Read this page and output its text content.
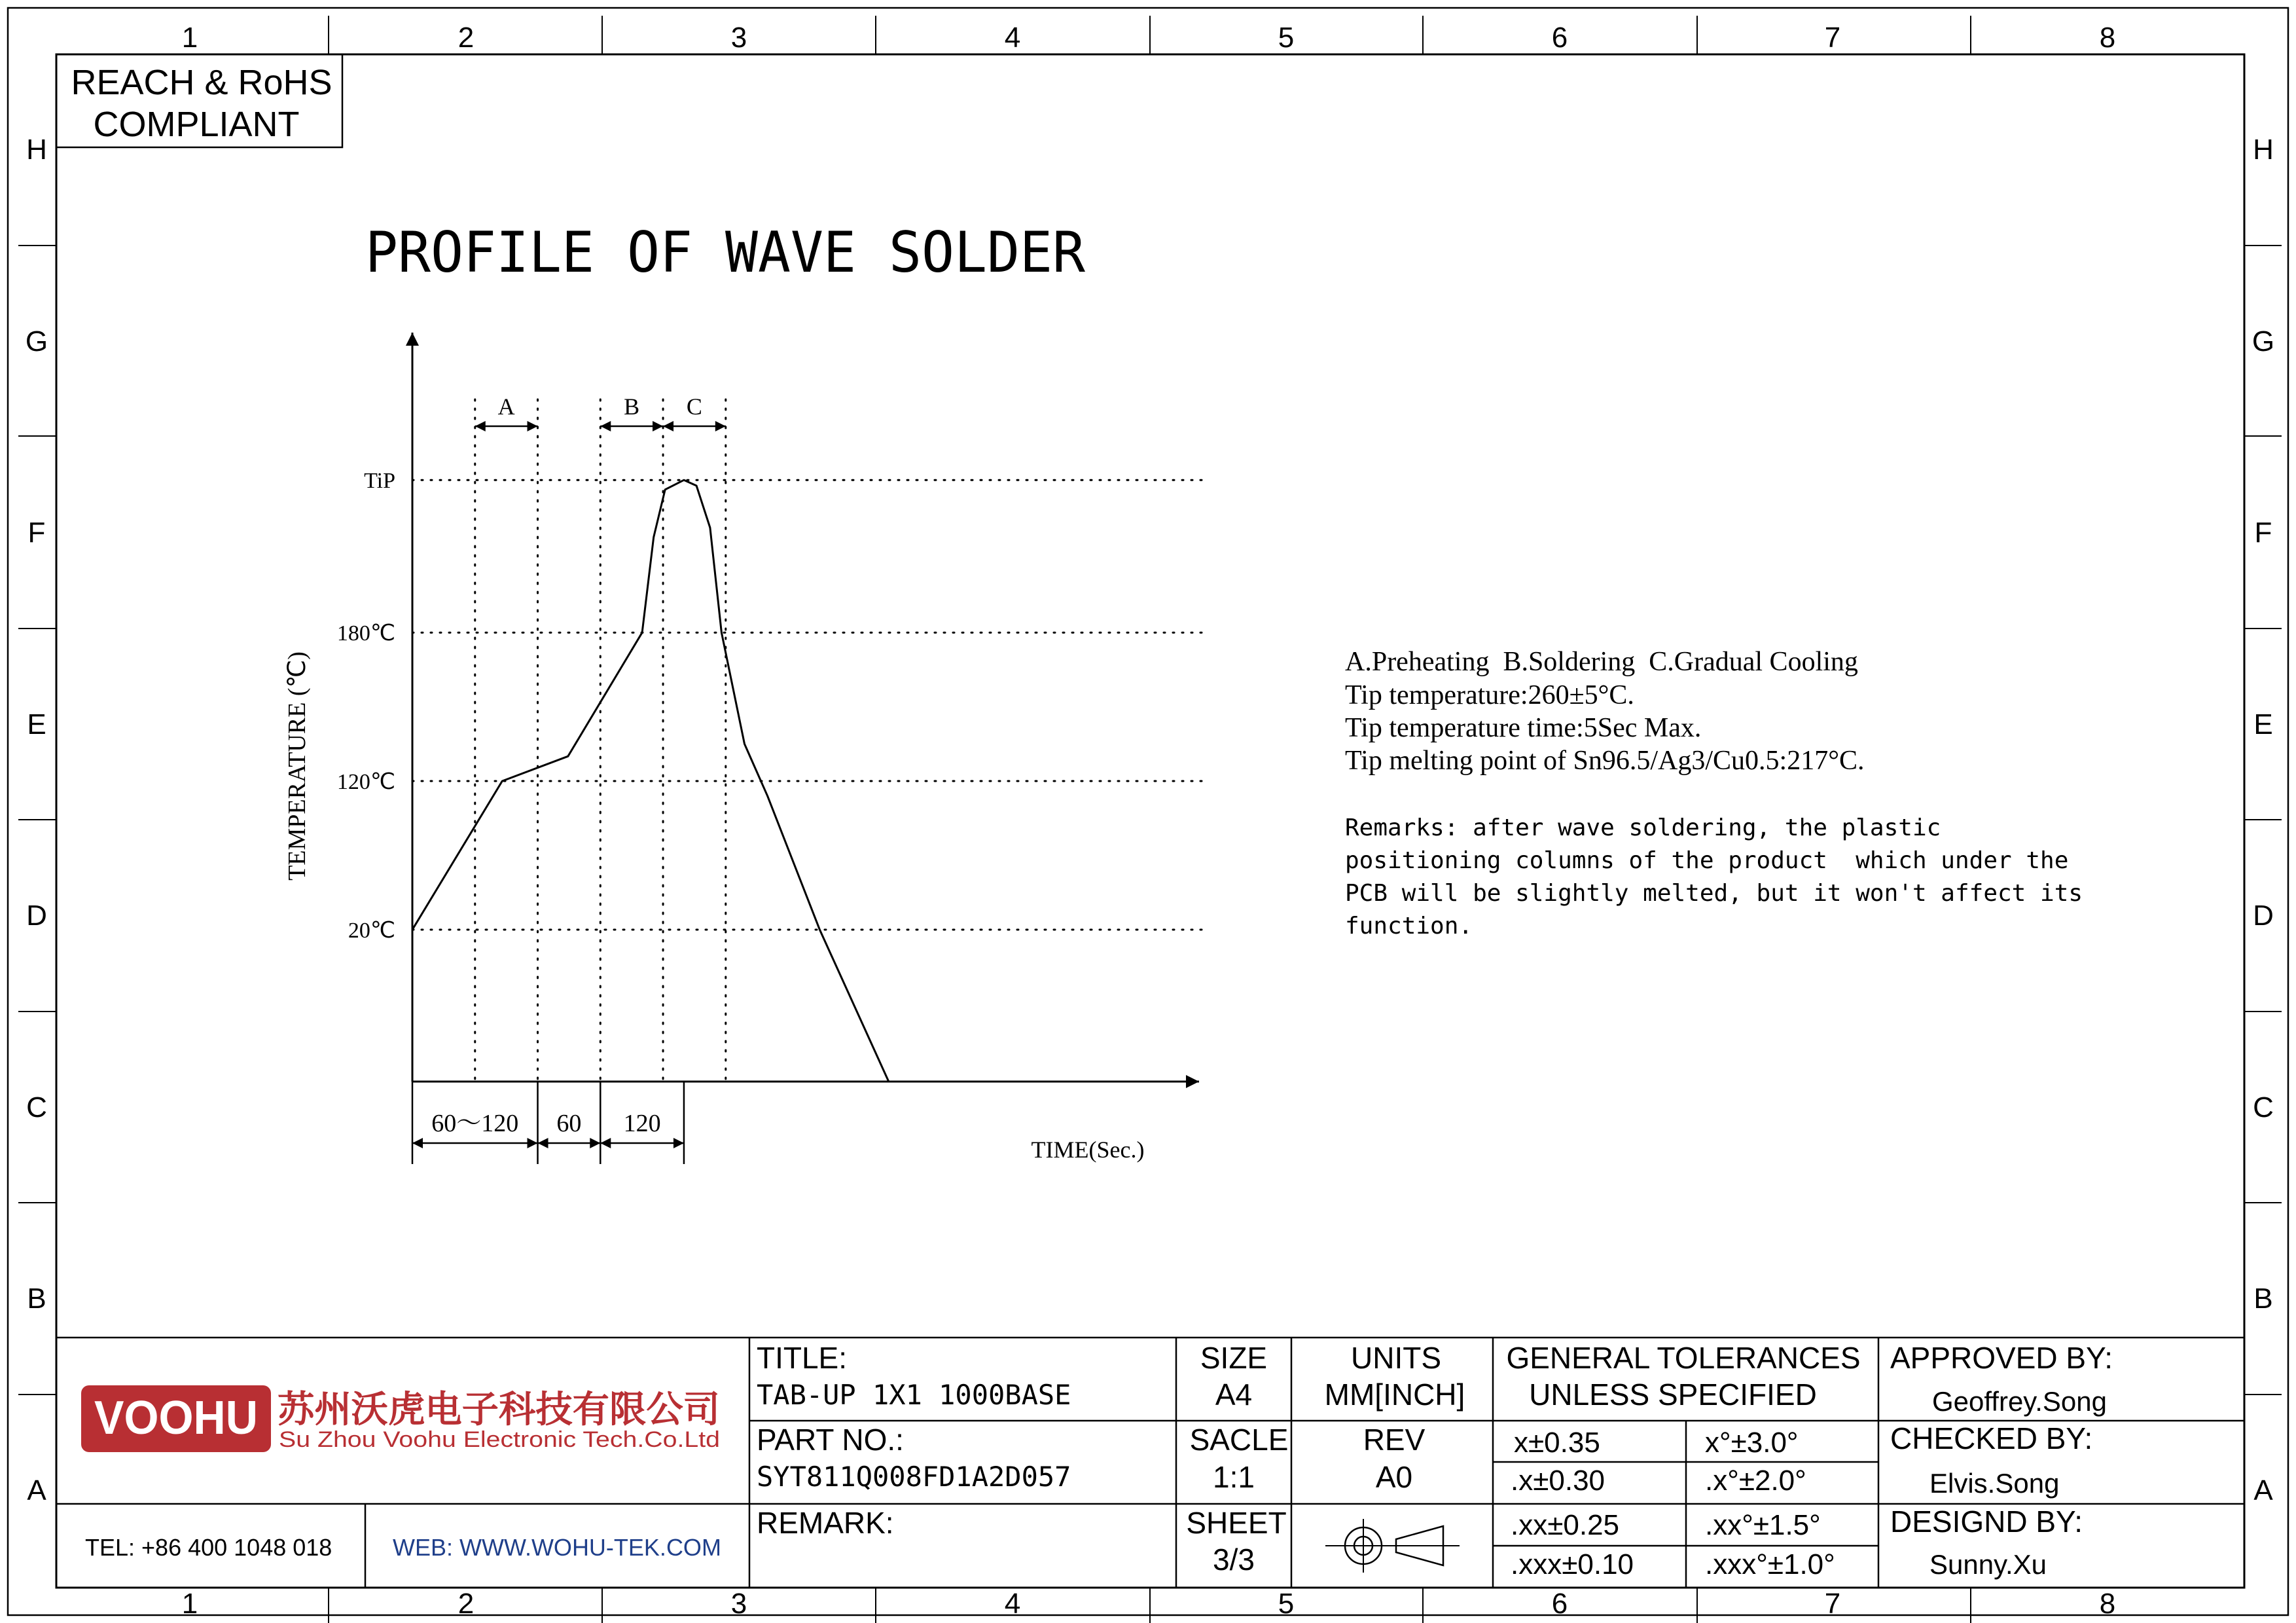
1	2	3	4	5	6	7	8
1	2	3	4	5	6	7	8
H
G
F
E
D
C
B
A
H
G
F
E
D
C
B
A
REACH & RoHS
COMPLIANT
PROFILE OF WAVE SOLDER
TiP
180℃
120℃
20℃
A	B C
60～120 60 120
TEMPERATURE (℃)
TIME(Sec.)
A.Preheating  B.Soldering  C.Gradual Cooling
Tip temperature:260±5°C.
Tip temperature time:5Sec Max.
Tip melting point of Sn96.5/Ag3/Cu0.5:217°C.
Remarks: after wave soldering, the plastic
positioning columns of the product  which under the
PCB will be slightly melted, but it won't affect its
function.
VOOHU 苏州沃虎电子科技有限公司
Su Zhou Voohu Electronic Tech.Co.Ltd
TEL: +86 400 1048 018	WEB: WWW.WOHU-TEK.COM
TITLE:
PART NO.:
REMARK:
TAB-UP 1X1 1000BASE
SYT811Q008FD1A2D057
SIZE
A4
SACLE
1:1
SHEET
3/3
UNITS
MM[INCH]
REV
A0
GENERAL TOLERANCES
UNLESS SPECIFIED
x±0.35	x°±3.0°
.x±0.30	.x°±2.0°
.xx±0.25	.xx°±1.5°
.xxx±0.10 .xxx°±1.0°
APPROVED BY:
Geoffrey.Song
CHECKED BY:
Elvis.Song
DESIGND BY:
Sunny.Xu
